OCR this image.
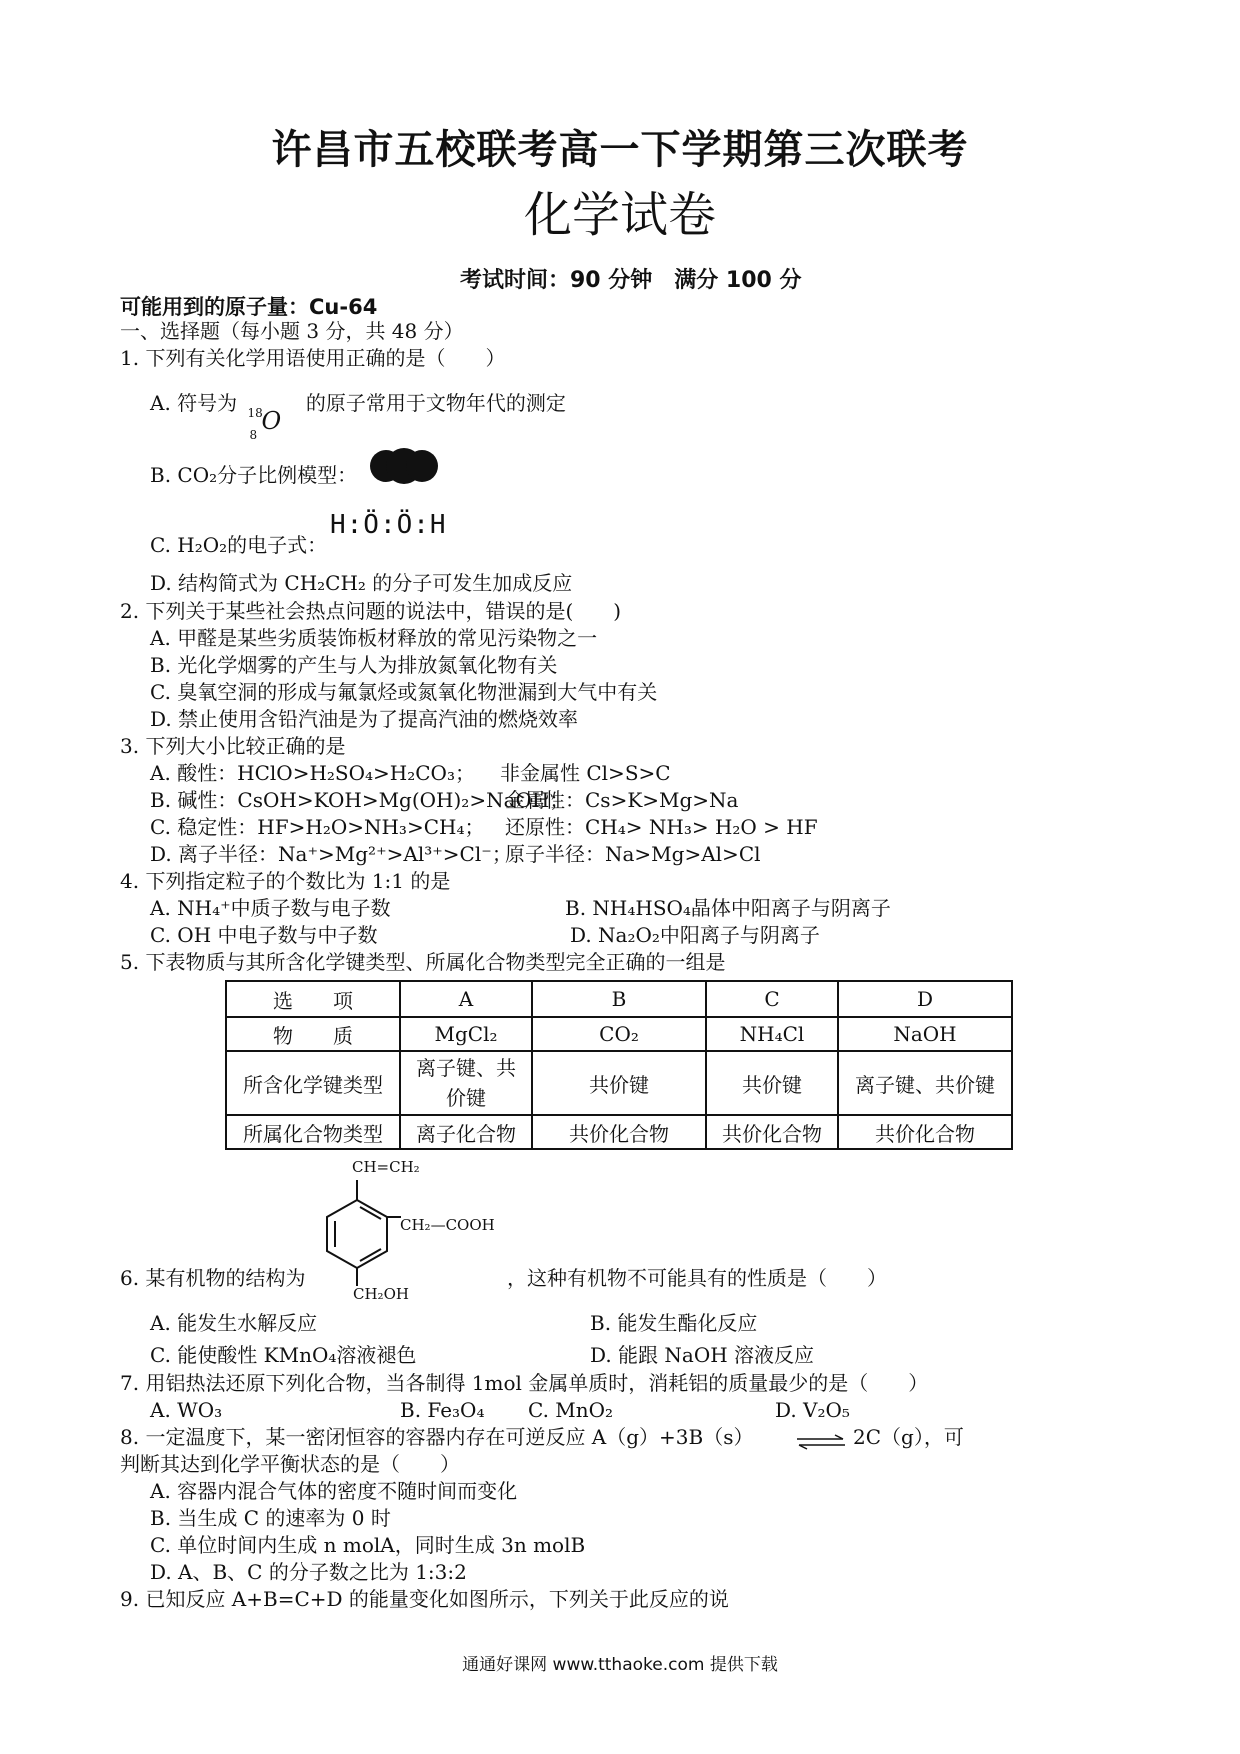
许昌市五校联考高一下学期第三次联考
化学试卷
考试时间：90 分钟　满分 100 分
可能用到的原子量：Cu-64
一、选择题（每小题 3 分，共 48 分）
1. 下列有关化学用语使用正确的是（　　）
A. 符号为 18
8 O
的原子常用于文物年代的测定
B. CO₂分子比例模型：
C. H₂O₂的电子式：
H:Ö:Ö:H
D. 结构简式为 CH₂CH₂ 的分子可发生加成反应
2. 下列关于某些社会热点问题的说法中，错误的是(　　)
A. 甲醛是某些劣质装饰板材释放的常见污染物之一
B. 光化学烟雾的产生与人为排放氮氧化物有关
C. 臭氧空洞的形成与氟氯烃或氮氧化物泄漏到大气中有关
D. 禁止使用含铅汽油是为了提高汽油的燃烧效率
3. 下列大小比较正确的是
A. 酸性：HClO>H₂SO₄>H₂CO₃； 非金属性 Cl>S>C
B. 碱性：CsOH>KOH>Mg(OH)₂>NaOH；
金属性：Cs>K>Mg>Na
C. 稳定性：HF>H₂O>NH₃>CH₄； 还原性：CH₄> NH₃> H₂O > HF
D. 离子半径：Na⁺>Mg²⁺>Al³⁺>Cl⁻；
原子半径：Na>Mg>Al>Cl
4. 下列指定粒子的个数比为 1:1 的是
A. NH₄⁺中质子数与电子数	B. NH₄HSO₄晶体中阳离子与阴离子
C. OH 中电子数与中子数	D. Na₂O₂中阳离子与阴离子
5. 下表物质与其所含化学键类型、所属化合物类型完全正确的一组是
选　　项	A	B	C	D
物　　质	MgCl₂	CO₂	NH₄Cl	NaOH
所含化学键类型	离子键、共价键	共价键	共价键	离子键、共价键
所属化合物类型	离子化合物	共价化合物	共价化合物	共价化合物
CH=CH₂
CH₂—COOH
CH₂OH
6. 某有机物的结构为	，这种有机物不可能具有的性质是（　　）
A. 能发生水解反应	B. 能发生酯化反应
C. 能使酸性 KMnO₄溶液褪色	D. 能跟 NaOH 溶液反应
7. 用铝热法还原下列化合物，当各制得 1mol 金属单质时，消耗铝的质量最少的是（　　）
A. WO₃	B. Fe₃O₄ C. MnO₂	D. V₂O₅
8. 一定温度下，某一密闭恒容的容器内存在可逆反应 A（g）+3B（s）	⇌ 2C（g），可
判断其达到化学平衡状态的是（　　）
A. 容器内混合气体的密度不随时间而变化
B. 当生成 C 的速率为 0 时
C. 单位时间内生成 n molA，同时生成 3n molB
D. A、B、C 的分子数之比为 1:3:2
9. 已知反应 A+B=C+D 的能量变化如图所示，下列关于此反应的说
通通好课网 www.tthaoke.com 提供下载
